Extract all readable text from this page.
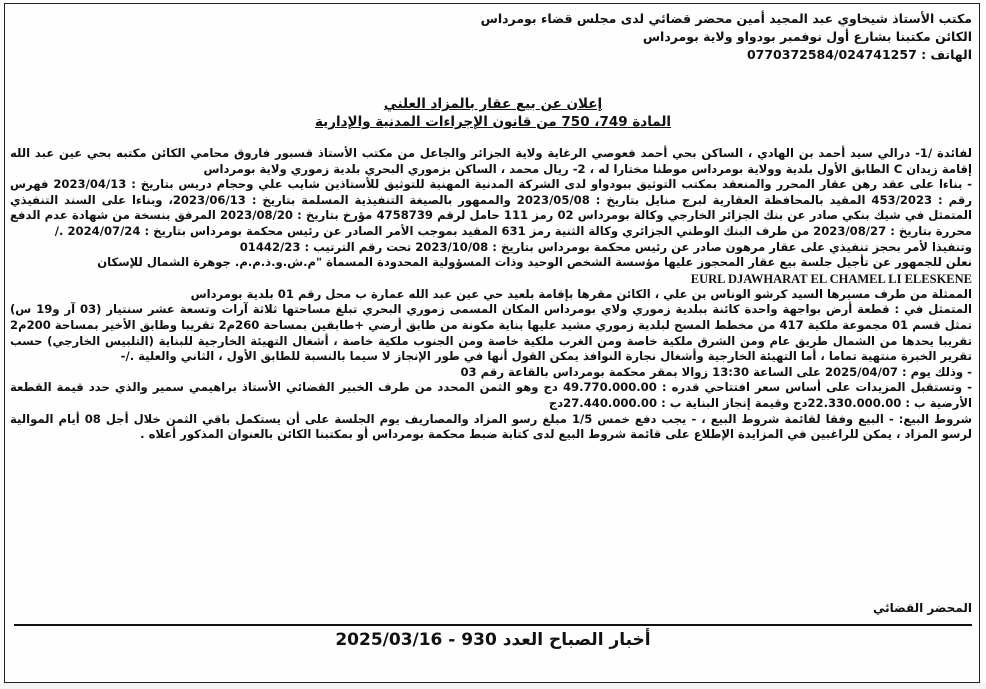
مكتب الأستاذ شيخاوي عبد المجيد أمين محضر قضائي لدى مجلس قضاء بومرداس
الكائن مكتبنا بشارع أول نوفمبر بودواو ولاية بومرداس
الهاتف : 0770372584/024741257
إعلان عن بيع عقار بالمزاد العلني
المادة 749، 750 من قانون الإجراءات المدنية والإدارية

لفائدة /1- درالي سيد أحمد بن الهادي ، الساكن بحي أحمد فعوصي الرغاية ولاية الجزائر والجاعل من مكتب الأستاذ قسبور فاروق محامي الكائن مكتبه بحي عين عبد الله إقامة زيدان C الطابق الأول بلدية وولاية بومرداس موطنا مختارا له ، 2- ريال محمد ، الساكن بزموري البحري بلدية زموري ولاية بومرداس

- بناءا على عقد رهن عقار المحرر والمنعقد بمكتب التوثيق ببودواو لدى الشركة المدنية المهنية للتوثيق للأستاذين شايب علي وحجام دريس بتاريخ : 2023/04/13 فهرس رقم : 453/2023 المقيد بالمحافظة العقارية لبرج منايل بتاريخ : 2023/05/08 والممهور بالصيغة التنفيذية المسلمة بتاريخ : 2023/06/13، وبناءا على السند التنفيذي المتمثل في شيك بنكي صادر عن بنك الجزائر الخارجي وكالة بومرداس 02 رمز 111 حامل لرقم 4758739 مؤرخ بتاريخ : 2023/08/20 المرفق بنسخة من شهادة عدم الدفع محررة بتاريخ : 2023/08/27 من طرف البنك الوطني الجزائري وكالة الثنية رمز 631 المقيد بموجب الأمر الصادر عن رئيس محكمة بومرداس بتاريخ : 2024/07/24 ./

وتنفيذا لأمر بحجز تنفيذي على عقار مرهون صادر عن رئيس محكمة بومرداس بتاريخ : 2023/10/08 تحت رقم الترتيب : 01442/23

نعلن للجمهور عن تأجيل جلسة بيع عقار المحجوز عليها مؤسسة الشخص الوحيد وذات المسؤولية المحدودة المسماة "م.ش.و.ذ.م.م. جوهرة الشمال للإسكان

EURL DJAWHARAT EL CHAMEL LI ELESKENE

الممثلة من طرف مسيرها السيد كرشو الوناس بن علي ، الكائن مقرها بإقامة بلعيد حي عين عبد الله عمارة ب محل رقم 01 بلدية بومرداس

المتمثل في : قطعة أرض بواجهة واحدة كائنة ببلدية زموري ولاي بومرداس المكان المسمى زموري البحري تبلغ مساحتها ثلاثة آرات وتسعة عشر سنتيار (03 آر و19 س) تمثل قسم 01 مجموعة ملكية 417 من مخطط المسح لبلدية زموري مشيد عليها بناية مكونة من طابق أرضي +طابقين بمساحة 260م2 تقريبا وطابق الأخير بمساحة 200م2 تقريبا يحدها من الشمال طريق عام ومن الشرق ملكية خاصة ومن الغرب ملكية خاصة ومن الجنوب ملكية خاصة ، أشغال التهيئة الخارجية للبناية (التلبيس الخارجي) حسب تقرير الخبرة منتهية تماما ، أما التهيئة الخارجية وأشغال نجارة النوافذ يمكن القول أنها في طور الإنجاز لا سيما بالنسبة للطابق الأول ، الثاني والعلية ./-

- وذلك يوم : 2025/04/07 على الساعة 13:30 زوالا بمقر محكمة بومرداس بالقاعة رقم 03

- وتستقبل المزيدات على أساس سعر افتتاحي قدره : 49.770.000.00 دج وهو الثمن المحدد من طرف الخبير القضائي الأستاذ براهيمي سمير والذي حدد قيمة القطعة الأرضية ب : 22.330.000.00دج وقيمة إنجاز البناية ب : 27.440.000.00دج

شروط البيع: - البيع وفقا لقائمة شروط البيع ، - يجب دفع خمس 1/5 مبلغ رسو المزاد والمصاريف يوم الجلسة على أن يستكمل باقي الثمن خلال أجل 08 أيام الموالية لرسو المزاد ، يمكن للراغبين في المزايدة الإطلاع على قائمة شروط البيع لدى كتابة ضبط محكمة بومرداس أو بمكتبنا الكائن بالعنوان المذكور أعلاه .

المحضر القضائي
أخبار الصباح العدد 930 - 2025/03/16
